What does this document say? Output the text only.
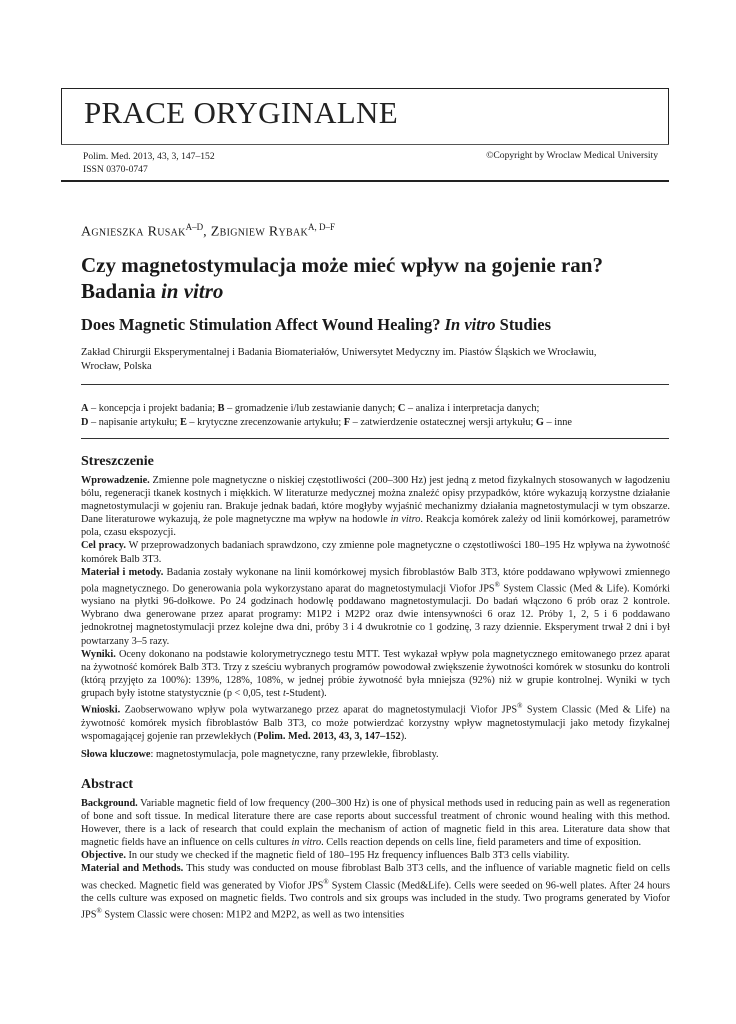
PRACE ORYGINALNE
Polim. Med. 2013, 43, 3, 147–152
ISSN 0370-0747
©Copyright by Wroclaw Medical University
Agnieszka Rusak$^{A-D}$, Zbigniew Rybak$^{A, D-F}$
Czy magnetostymulacja może mieć wpływ na gojenie ran?
Badania in vitro
Does Magnetic Stimulation Affect Wound Healing? In vitro Studies
Zakład Chirurgii Eksperymentalnej i Badania Biomateriałów, Uniwersytet Medyczny im. Piastów Śląskich we Wrocławiu,
Wrocław, Polska
A – koncepcja i projekt badania; B – gromadzenie i/lub zestawianie danych; C – analiza i interpretacja danych;
D – napisanie artykułu; E – krytyczne zrecenzowanie artykułu; F – zatwierdzenie ostatecznej wersji artykułu; G – inne
Streszczenie

Wprowadzenie. Zmienne pole magnetyczne o niskiej częstotliwości (200–300 Hz) jest jedną z metod fizykalnych stosowanych w łagodzeniu bólu, regeneracji tkanek kostnych i miękkich. W literaturze medycznej można znaleźć opisy przypadków, które wykazują korzystne działanie magnetostymulacji w gojeniu ran. Brakuje jednak badań, które mogłyby wyjaśnić mechanizmy działania magnetostymulacji w tym obszarze. Dane literaturowe wykazują, że pole magnetyczne ma wpływ na hodowle in vitro. Reakcja komórek zależy od linii komórkowej, parametrów pola, czasu ekspozycji.

Cel pracy. W przeprowadzonych badaniach sprawdzono, czy zmienne pole magnetyczne o częstotliwości 180–195 Hz wpływa na żywotność komórek Balb 3T3.

Materiał i metody. Badania zostały wykonane na linii komórkowej mysich fibroblastów Balb 3T3, które poddawano wpływowi zmiennego pola magnetycznego. Do generowania pola wykorzystano aparat do magnetostymulacji Viofor JPS® System Classic (Med & Life). Komórki wysiano na płytki 96-dołkowe. Po 24 godzinach hodowlę poddawano magnetostymulacji. Do badań włączono 6 prób oraz 2 kontrole. Wybrano dwa generowane przez aparat programy: M1P2 i M2P2 oraz dwie intensywności 6 oraz 12. Próby 1, 2, 5 i 6 poddawano jednokrotnej magnetostymulacji przez kolejne dwa dni, próby 3 i 4 dwukrotnie co 1 godzinę, 3 razy dziennie. Eksperyment trwał 2 dni i był powtarzany 3–5 razy.

Wyniki. Oceny dokonano na podstawie kolorymetrycznego testu MTT. Test wykazał wpływ pola magnetycznego emitowanego przez aparat na żywotność komórek Balb 3T3. Trzy z sześciu wybranych programów powodował zwiększenie żywotności komórek w stosunku do kontroli (którą przyjęto za 100%): 139%, 128%, 108%, w jednej próbie żywotność była mniejsza (92%) niż w grupie kontrolnej. Wyniki w tych grupach były istotne statystycznie (p < 0,05, test t-Student).

Wnioski. Zaobserwowano wpływ pola wytwarzanego przez aparat do magnetostymulacji Viofor JPS® System Classic (Med & Life) na żywotność komórek mysich fibroblastów Balb 3T3, co może potwierdzać korzystny wpływ magnetostymulacji jako metody fizykalnej wspomagającej gojenie ran przewlekłych (Polim. Med. 2013, 43, 3, 147–152).

Słowa kluczowe: magnetostymulacja, pole magnetyczne, rany przewlekłe, fibroblasty.
Abstract

Background. Variable magnetic field of low frequency (200–300 Hz) is one of physical methods used in reducing pain as well as regeneration of bone and soft tissue. In medical literature there are case reports about successful treatment of chronic wound healing with this method. However, there is a lack of research that could explain the mechanism of action of magnetic field in this area. Literature data show that magnetic fields have an influence on cells cultures in vitro. Cells reaction depends on cells line, field parameters and time of exposition.

Objective. In our study we checked if the magnetic field of 180–195 Hz frequency influences Balb 3T3 cells viability.

Material and Methods. This study was conducted on mouse fibroblast Balb 3T3 cells, and the influence of variable magnetic field on cells was checked. Magnetic field was generated by Viofor JPS® System Classic (Med&Life). Cells were seeded on 96-well plates. After 24 hours the cells culture was exposed on magnetic fields. Two controls and six groups was included in the study. Two programs generated by Viofor JPS® System Classic were chosen: M1P2 and M2P2, as well as two intensities
